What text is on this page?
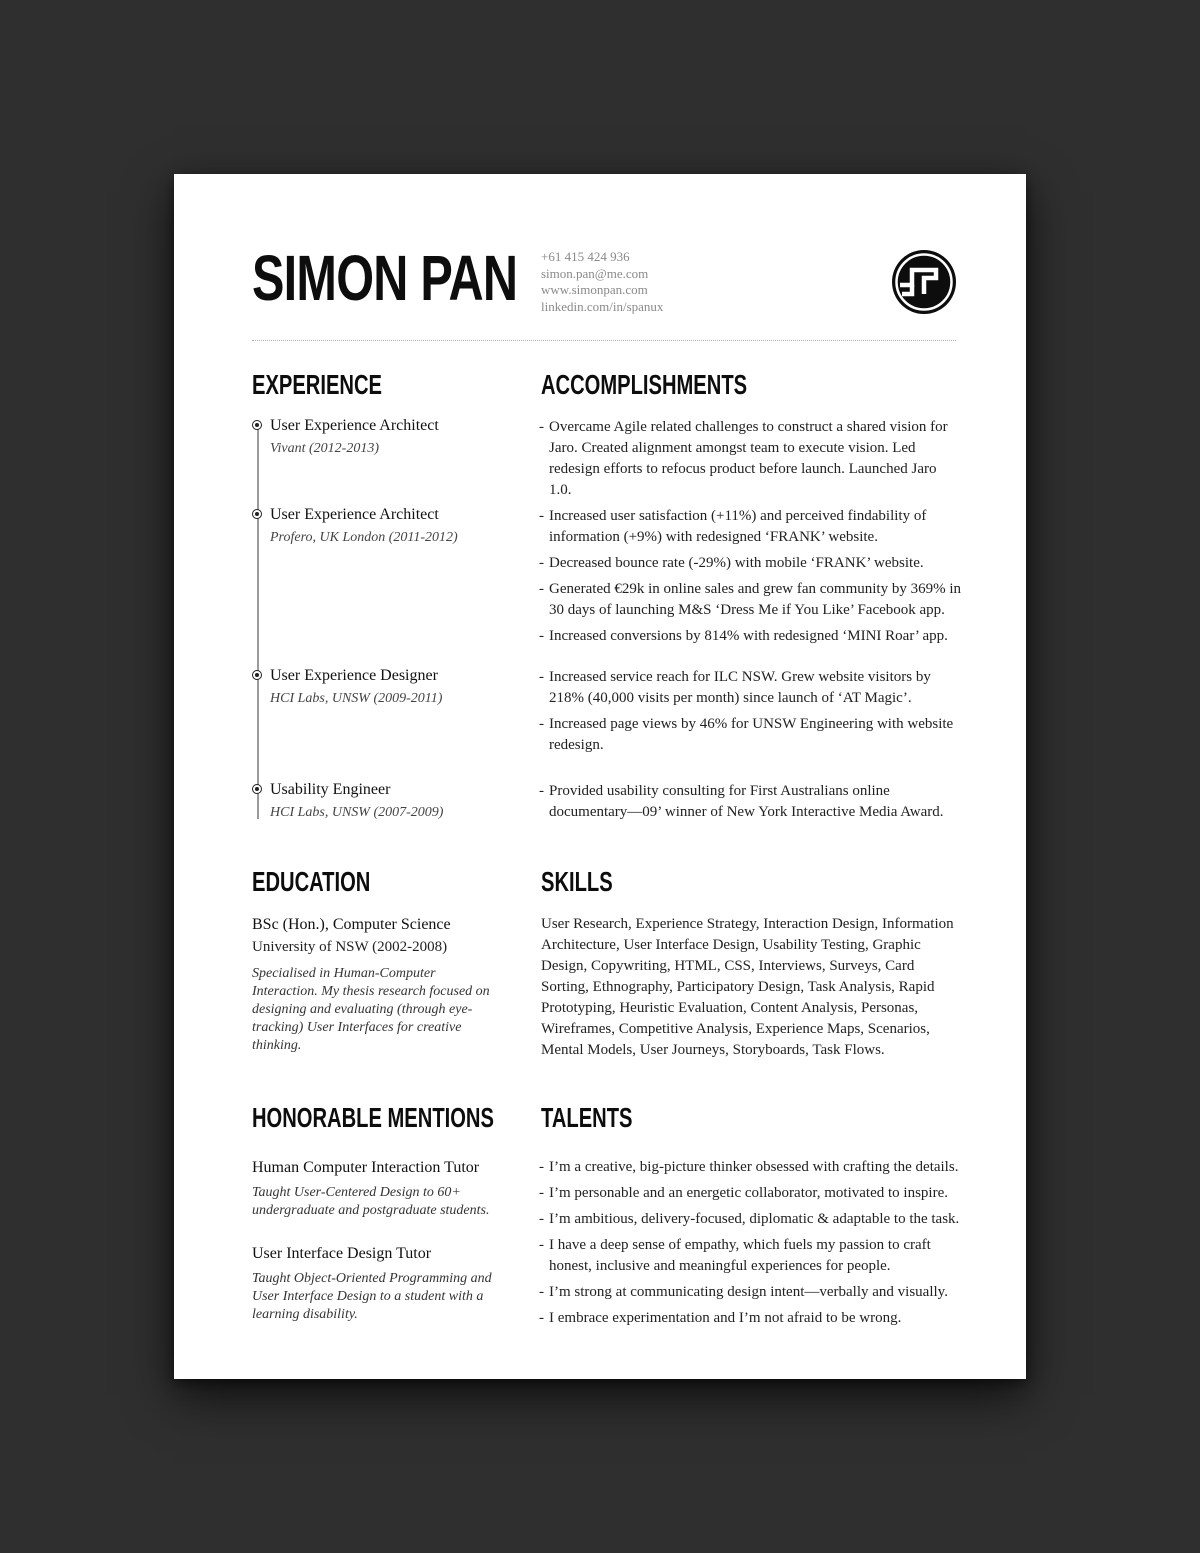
SIMON PAN +61 415 424 936
simon.pan@me.com
www.simonpan.com
linkedin.com/in/spanux
EXPERIENCE
User Experience Architect
Vivant (2012-2013)
User Experience Architect
Profero, UK London (2011-2012)
User Experience Designer
HCI Labs, UNSW (2009-2011)
Usability Engineer
HCI Labs, UNSW (2007-2009)
ACCOMPLISHMENTS
- Overcame Agile related challenges to construct a shared vision for Jaro. Created alignment amongst team to execute vision. Led redesign efforts to refocus product before launch. Launched Jaro 1.0.
- Increased user satisfaction (+11%) and perceived findability of information (+9%) with redesigned ‘FRANK’ website.
- Decreased bounce rate (-29%) with mobile ‘FRANK’ website.
- Generated €29k in online sales and grew fan community by 369% in 30 days of launching M&S ‘Dress Me if You Like’ Facebook app.
- Increased conversions by 814% with redesigned ‘MINI Roar’ app.
- Increased service reach for ILC NSW. Grew website visitors by 218% (40,000 visits per month) since launch of ‘AT Magic’.
- Increased page views by 46% for UNSW Engineering with website redesign.
- Provided usability consulting for First Australians online documentary—09’ winner of New York Interactive Media Award.
EDUCATION
BSc (Hon.), Computer Science
University of NSW (2002-2008)
Specialised in Human-Computer Interaction. My thesis research focused on designing and evaluating (through eye-tracking) User Interfaces for creative thinking.
SKILLS
User Research, Experience Strategy, Interaction Design, Information Architecture, User Interface Design, Usability Testing, Graphic Design, Copywriting, HTML, CSS, Interviews, Surveys, Card Sorting, Ethnography, Participatory Design, Task Analysis, Rapid Prototyping, Heuristic Evaluation, Content Analysis, Personas, Wireframes, Competitive Analysis, Experience Maps, Scenarios, Mental Models, User Journeys, Storyboards, Task Flows.
HONORABLE MENTIONS
Human Computer Interaction Tutor
Taught User-Centered Design to 60+ undergraduate and postgraduate students.
User Interface Design Tutor
Taught Object-Oriented Programming and User Interface Design to a student with a learning disability.
TALENTS
- I’m a creative, big-picture thinker obsessed with crafting the details.
- I’m personable and an energetic collaborator, motivated to inspire.
- I’m ambitious, delivery-focused, diplomatic & adaptable to the task.
- I have a deep sense of empathy, which fuels my passion to craft honest, inclusive and meaningful experiences for people.
- I’m strong at communicating design intent—verbally and visually.
- I embrace experimentation and I’m not afraid to be wrong.
